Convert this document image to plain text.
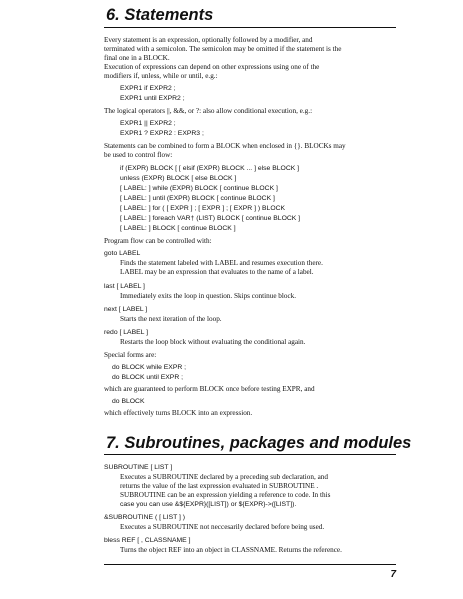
6. Statements
Every statement is an expression, optionally followed by a modifier, and
terminated with a semicolon. The semicolon may be omitted if the statement is the
final one in a BLOCK.
Execution of expressions can depend on other expressions using one of the
modifiers if, unless, while or until, e.g.:
EXPR1 if EXPR2 ;
EXPR1 until EXPR2 ;
The logical operators ||, &&, or ?: also allow conditional execution, e.g.:
EXPR1 || EXPR2 ;
EXPR1 ? EXPR2 : EXPR3 ;
Statements can be combined to form a BLOCK when enclosed in {}. BLOCKs may
be used to control flow:
if (EXPR) BLOCK [ [ elsif (EXPR) BLOCK ... ] else BLOCK ]
unless (EXPR) BLOCK [ else BLOCK ]
[ LABEL: ] while (EXPR) BLOCK [ continue BLOCK ]
[ LABEL: ] until (EXPR) BLOCK [ continue BLOCK ]
[ LABEL: ] for ( [ EXPR ] ; [ EXPR ] ; [ EXPR ] ) BLOCK
[ LABEL: ] foreach VAR† (LIST) BLOCK [ continue BLOCK ]
[ LABEL: ] BLOCK [ continue BLOCK ]
Program flow can be controlled with:
goto LABEL
Finds the statement labeled with LABEL and resumes execution there.
LABEL may be an expression that evaluates to the name of a label.
last [ LABEL ]
Immediately exits the loop in question. Skips continue block.
next [ LABEL ]
Starts the next iteration of the loop.
redo [ LABEL ]
Restarts the loop block without evaluating the conditional again.
Special forms are:
do BLOCK while EXPR ;
do BLOCK until EXPR ;
which are guaranteed to perform BLOCK once before testing EXPR, and
do BLOCK
which effectively turns BLOCK into an expression.
7. Subroutines, packages and modules
SUBROUTINE [ LIST ]
Executes a SUBROUTINE declared by a preceding sub declaration, and
returns the value of the last expression evaluated in SUBROUTINE .
SUBROUTINE can be an expression yielding a reference to code. In this
case you can use &${EXPR}([LIST]) or ${EXPR}->([LIST]).
&SUBROUTINE ( [ LIST ] )
Executes a SUBROUTINE not neccesarily declared before being used.
bless REF [ , CLASSNAME ]
Turns the object REF into an object in CLASSNAME. Returns the reference.
7
